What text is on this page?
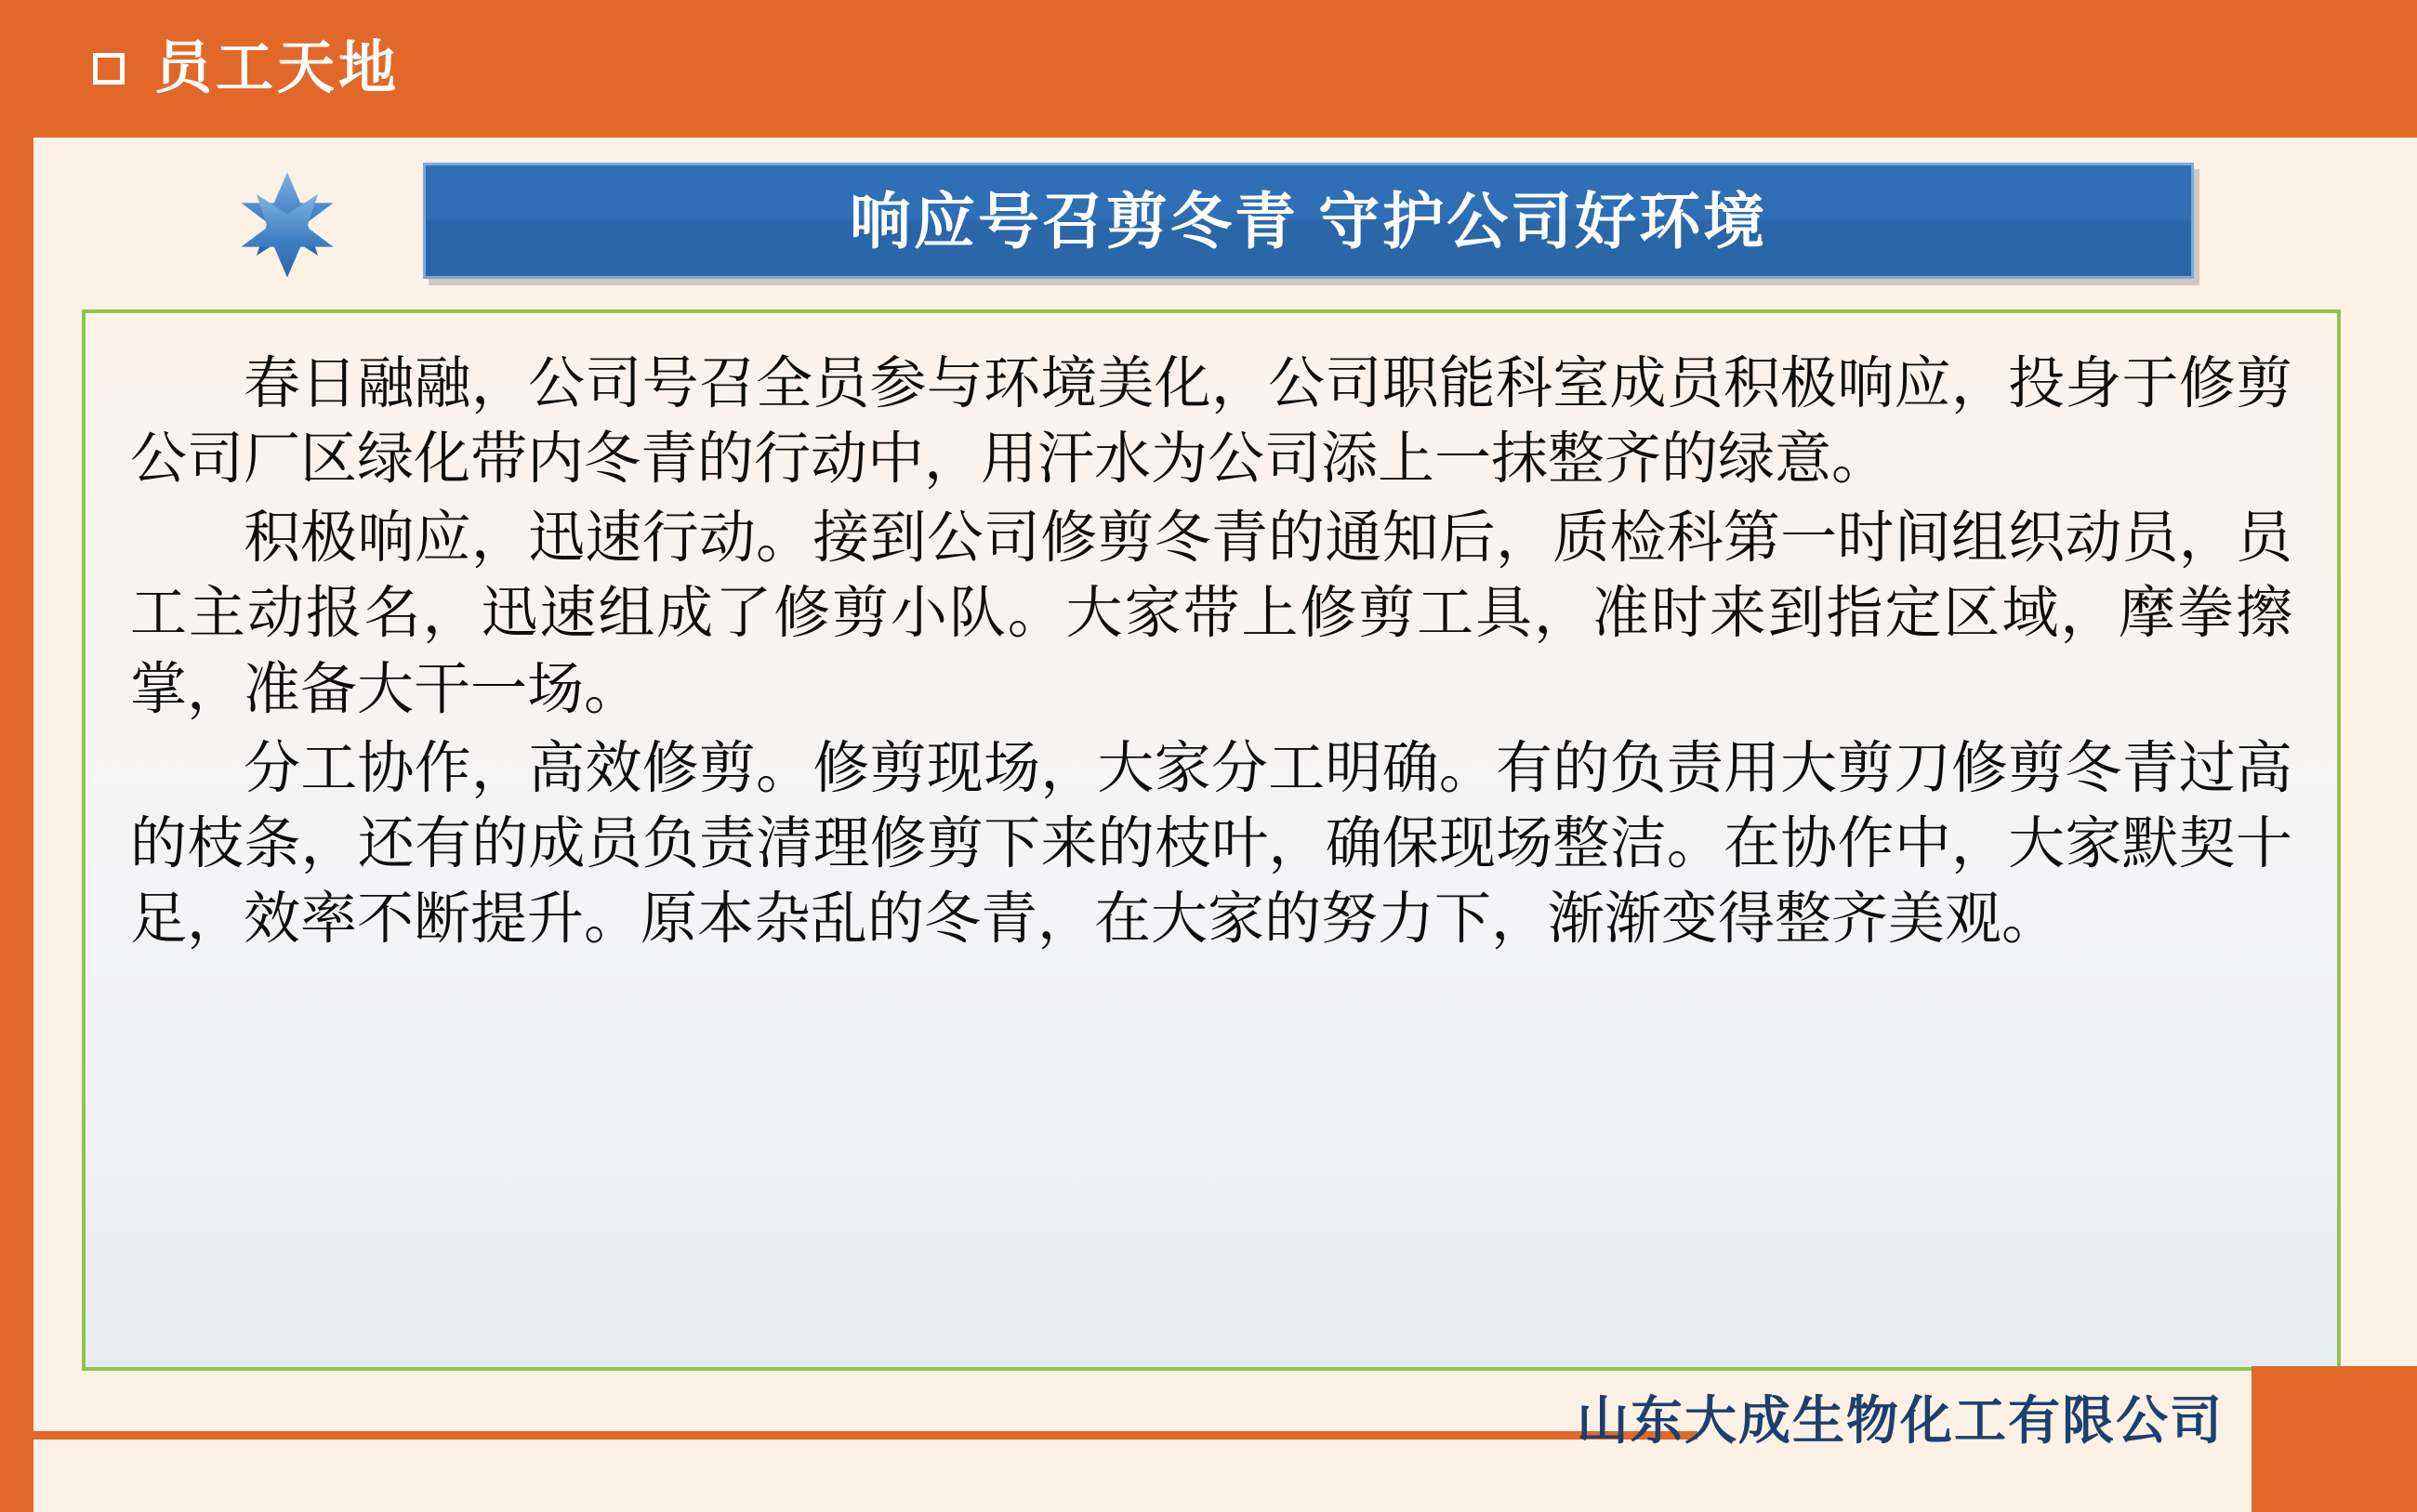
员工天地
响应号召剪冬青 守护公司好环境

春日融融，公司号召全员参与环境美化，公司职能科室成员积极响应，投身于修剪公司厂区绿化带内冬青的行动中，用汗水为公司添上一抹整齐的绿意。

积极响应，迅速行动。接到公司修剪冬青的通知后，质检科第一时间组织动员，员工主动报名，迅速组成了修剪小队。大家带上修剪工具，准时来到指定区域，摩拳擦掌，准备大干一场。

分工协作，高效修剪。修剪现场，大家分工明确。有的负责用大剪刀修剪冬青过高的枝条，还有的成员负责清理修剪下来的枝叶，确保现场整洁。在协作中，大家默契十足，效率不断提升。原本杂乱的冬青，在大家的努力下，渐渐变得整齐美观。

山东大成生物化工有限公司
